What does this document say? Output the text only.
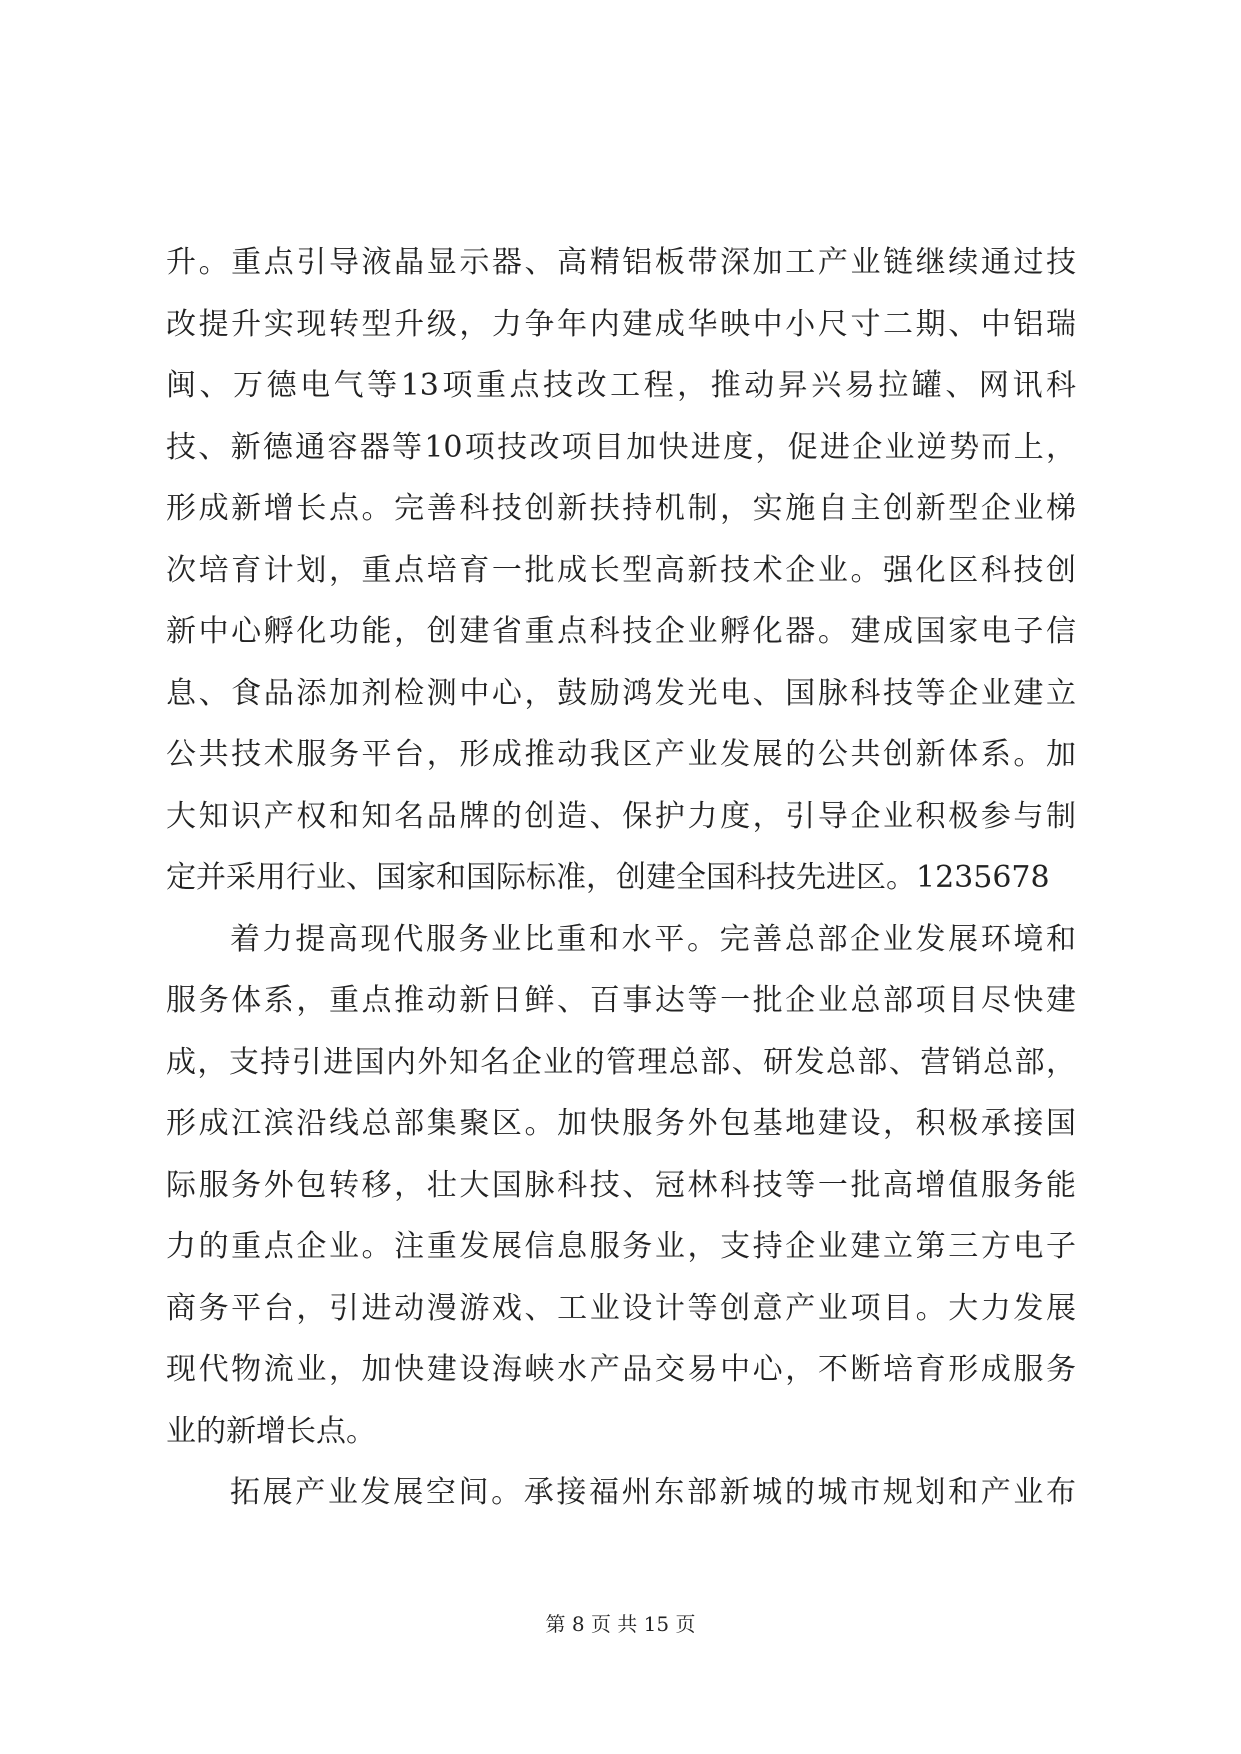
升。重点引导液晶显示器、高精铝板带深加工产业链继续通过技
改提升实现转型升级，力争年内建成华映中小尺寸二期、中铝瑞
闽、万德电气等13项重点技改工程，推动昇兴易拉罐、网讯科
技、新德通容器等10项技改项目加快进度，促进企业逆势而上，
形成新增长点。完善科技创新扶持机制，实施自主创新型企业梯
次培育计划，重点培育一批成长型高新技术企业。强化区科技创
新中心孵化功能，创建省重点科技企业孵化器。建成国家电子信
息、食品添加剂检测中心，鼓励鸿发光电、国脉科技等企业建立
公共技术服务平台，形成推动我区产业发展的公共创新体系。加
大知识产权和知名品牌的创造、保护力度，引导企业积极参与制
定并采用行业、国家和国际标准，创建全国科技先进区。1235678
着力提高现代服务业比重和水平。完善总部企业发展环境和
服务体系，重点推动新日鲜、百事达等一批企业总部项目尽快建
成，支持引进国内外知名企业的管理总部、研发总部、营销总部，
形成江滨沿线总部集聚区。加快服务外包基地建设，积极承接国
际服务外包转移，壮大国脉科技、冠林科技等一批高增值服务能
力的重点企业。注重发展信息服务业，支持企业建立第三方电子
商务平台，引进动漫游戏、工业设计等创意产业项目。大力发展
现代物流业，加快建设海峡水产品交易中心，不断培育形成服务
业的新增长点。
拓展产业发展空间。承接福州东部新城的城市规划和产业布
第 8 页 共 15 页
